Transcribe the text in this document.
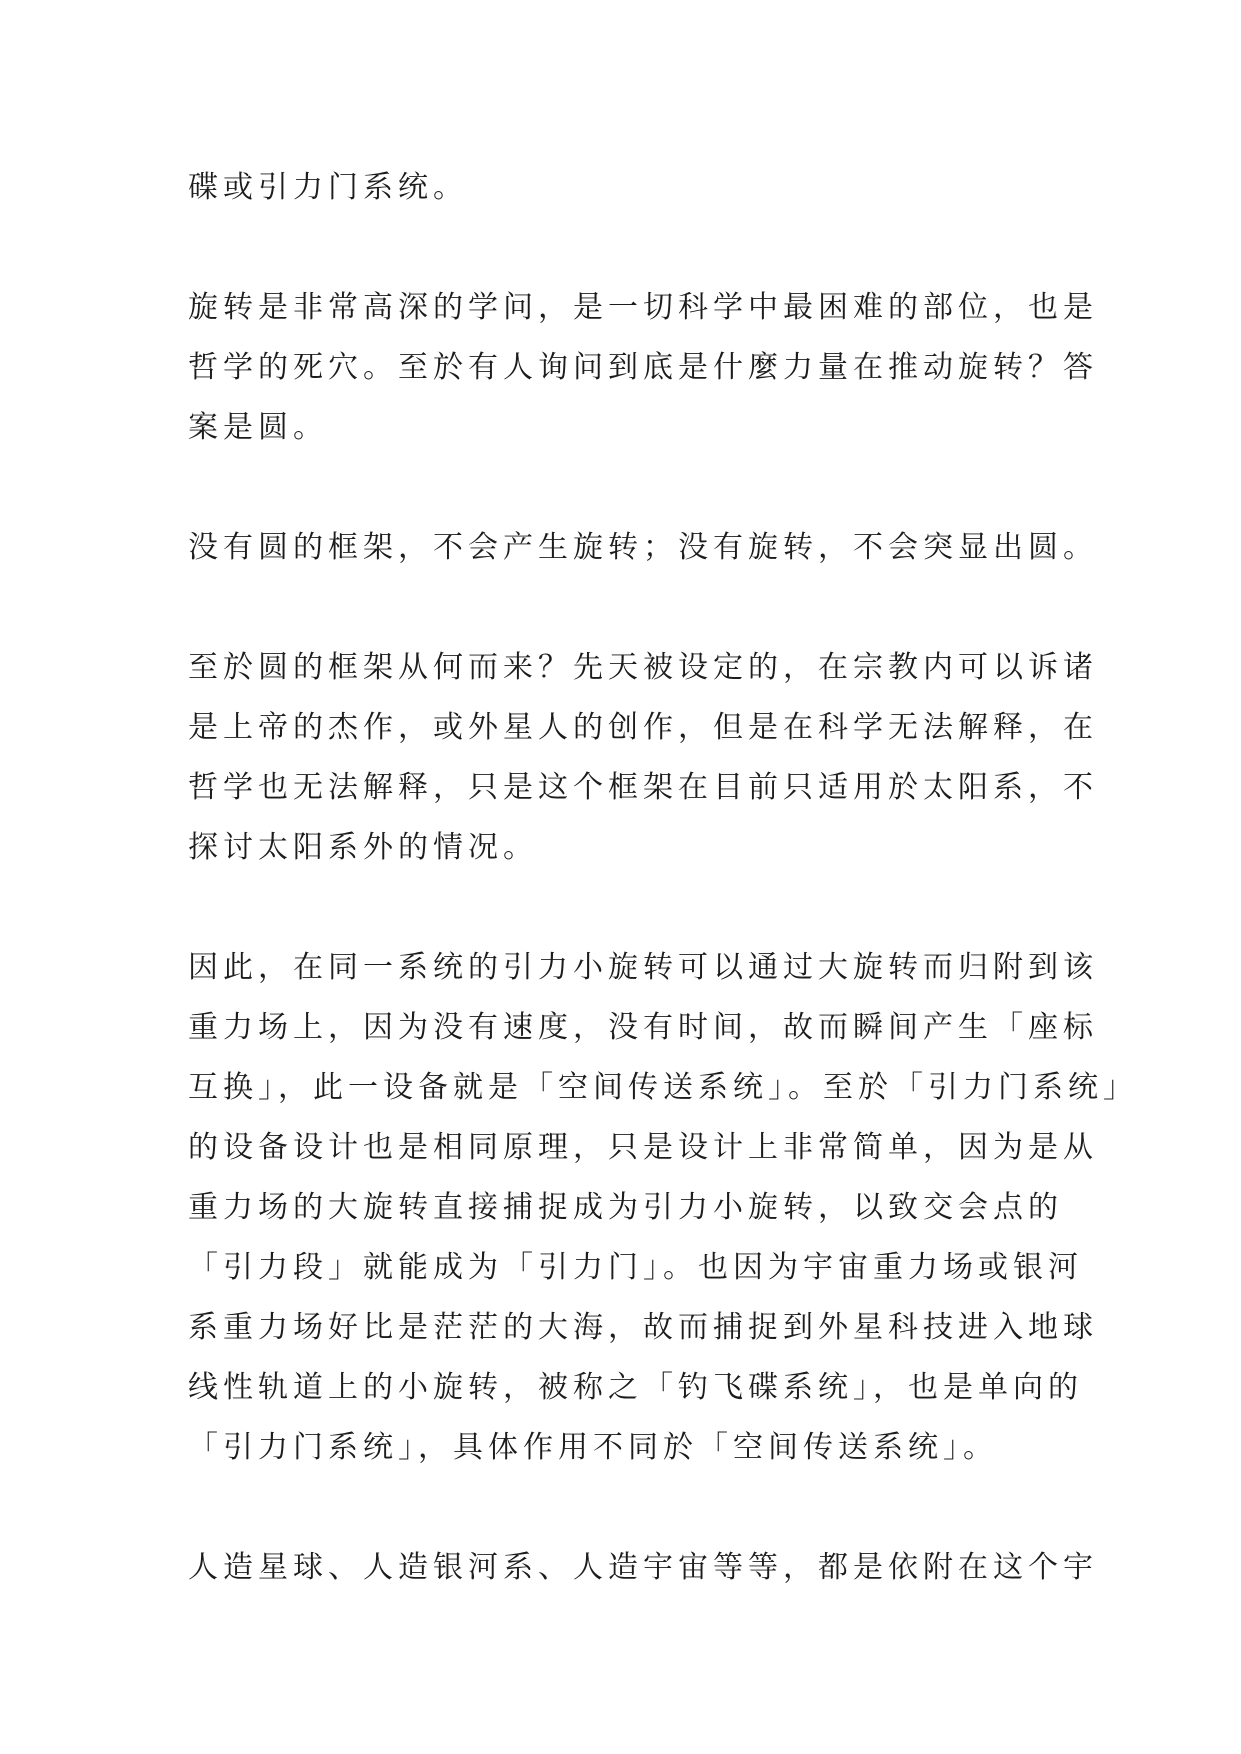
碟或引力门系统。

旋转是非常高深的学问，是一切科学中最困难的部位，也是
哲学的死穴。至於有人询问到底是什麼力量在推动旋转？答
案是圆。

没有圆的框架，不会产生旋转；没有旋转，不会突显出圆。

至於圆的框架从何而来？先天被设定的，在宗教内可以诉诸
是上帝的杰作，或外星人的创作，但是在科学无法解释，在
哲学也无法解释，只是这个框架在目前只适用於太阳系，不
探讨太阳系外的情况。

因此，在同一系统的引力小旋转可以通过大旋转而归附到该
重力场上，因为没有速度，没有时间，故而瞬间产生「座标
互换」，此一设备就是「空间传送系统」。至於「引力门系统」
的设备设计也是相同原理，只是设计上非常简单，因为是从
重力场的大旋转直接捕捉成为引力小旋转，以致交会点的
「引力段」就能成为「引力门」。也因为宇宙重力场或银河
系重力场好比是茫茫的大海，故而捕捉到外星科技进入地球
线性轨道上的小旋转，被称之「钓飞碟系统」，也是单向的
「引力门系统」，具体作用不同於「空间传送系统」。

人造星球、人造银河系、人造宇宙等等，都是依附在这个宇
